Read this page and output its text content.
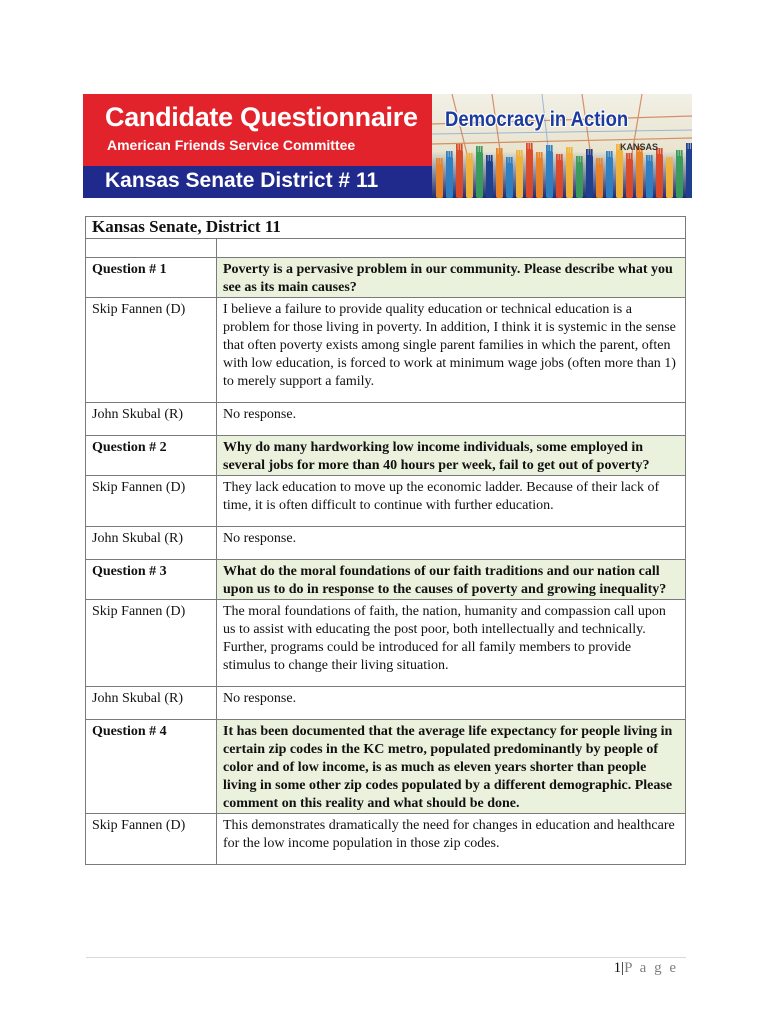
Candidate Questionnaire
American Friends Service Committee
Kansas Senate District # 11
Democracy in Action
KANSAS
Kansas Senate, District 11	

Question # 1	Poverty is a pervasive problem in our community. Please describe what you see as its main causes?
Skip Fannen (D)	I believe a failure to provide quality education or technical education is a problem for those living in poverty. In addition, I think it is systemic in the sense that often poverty exists among single parent families in which the parent, often with low education, is forced to work at minimum wage jobs (often more than 1) to merely support a family.
John Skubal (R)	No response.
Question # 2	Why do many hardworking low income individuals, some employed in several jobs for more than 40 hours per week, fail to get out of poverty?
Skip Fannen (D)	They lack education to move up the economic ladder. Because of their lack of time, it is often difficult to continue with further education.
John Skubal (R)	No response.
Question # 3	What do the moral foundations of our faith traditions and our nation call upon us to do in response to the causes of poverty and growing inequality?
Skip Fannen (D)	The moral foundations of faith, the nation, humanity and compassion call upon us to assist with educating the post poor, both intellectually and technically. Further, programs could be introduced for all family members to provide stimulus to change their living situation.
John Skubal (R)	No response.
Question # 4	It has been documented that the average life expectancy for people living in certain zip codes in the KC metro, populated predominantly by people of color and of low income, is as much as eleven years shorter than people living in some other zip codes populated by a different demographic. Please comment on this reality and what should be done.
Skip Fannen (D)	This demonstrates dramatically the need for changes in education and healthcare for the low income population in those zip codes.
1|P a g e
